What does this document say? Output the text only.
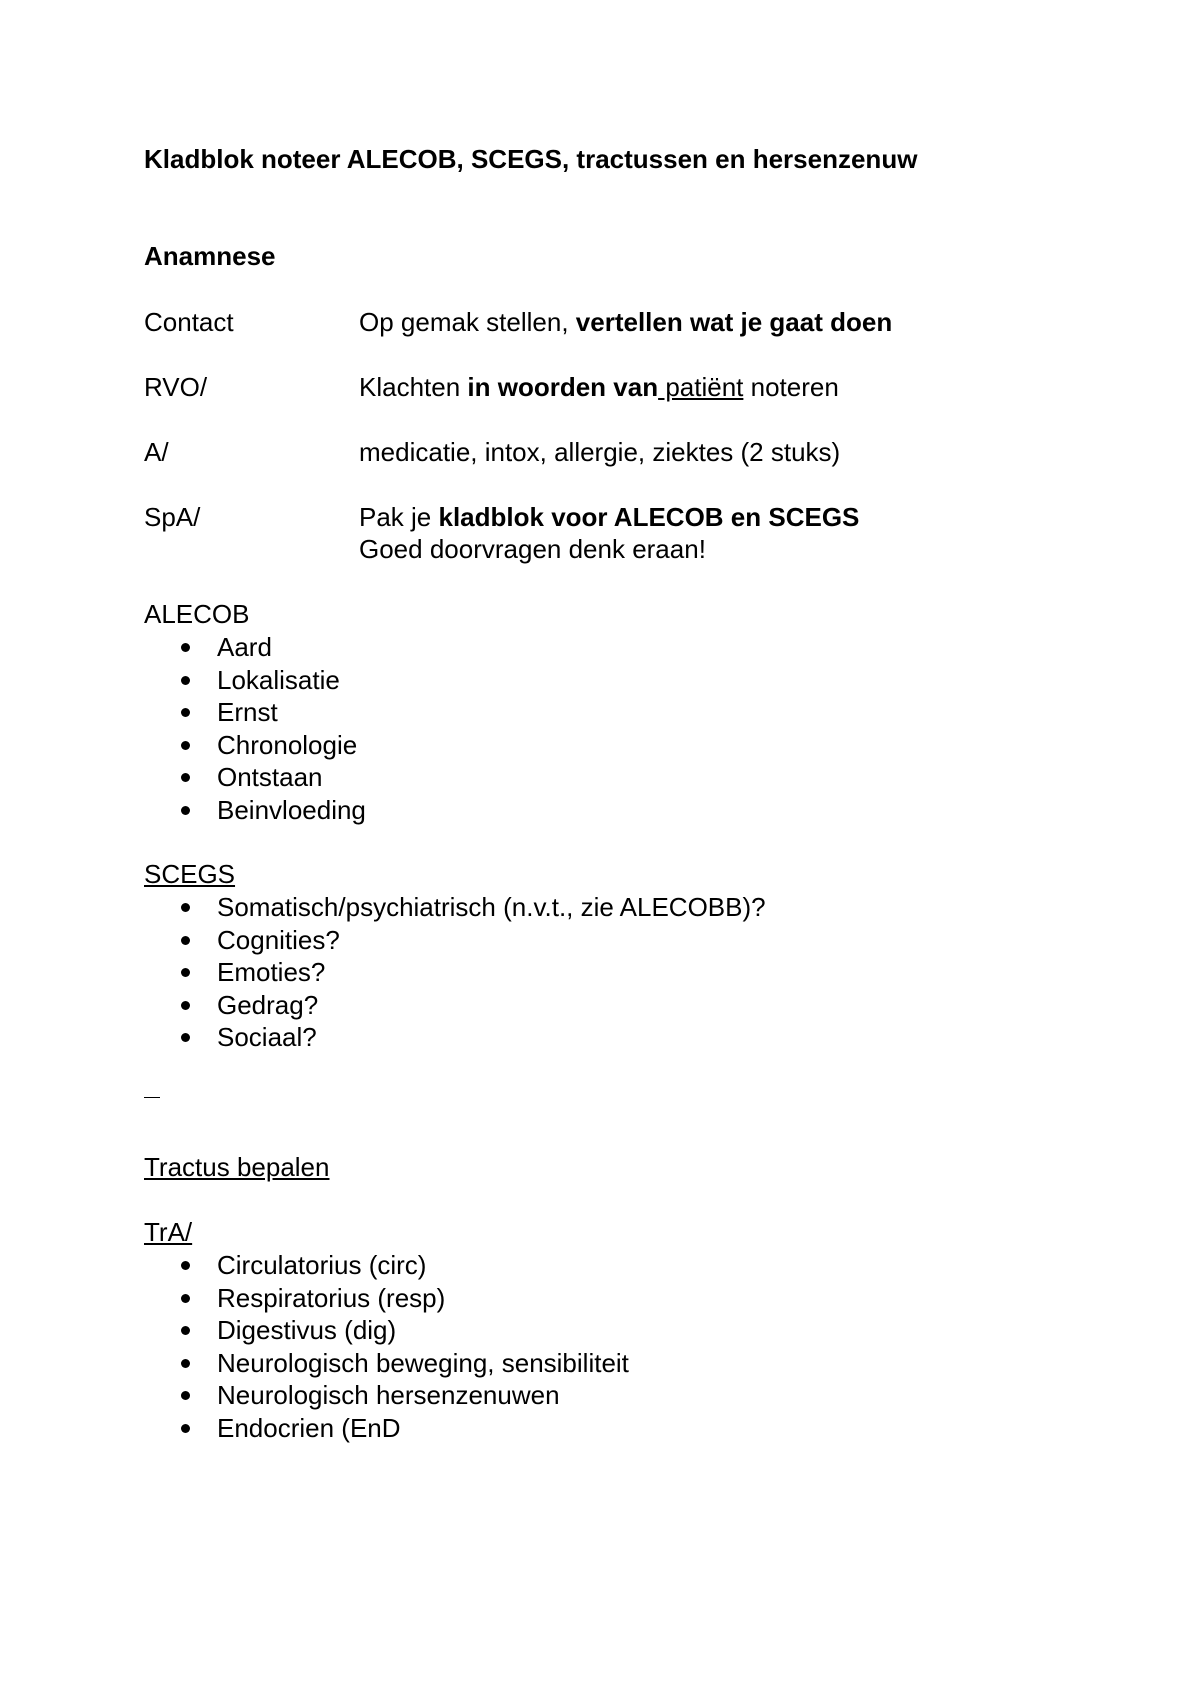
Kladblok noteer ALECOB, SCEGS, tractussen en hersenzenuw
Anamnese
Contact	Op gemak stellen, vertellen wat je gaat doen
RVO/	Klachten in woorden van patiënt noteren
A/	medicatie, intox, allergie, ziektes (2 stuks)
SpA/	Pak je kladblok voor ALECOB en SCEGS
Goed doorvragen denk eraan!
ALECOB
Aard
Lokalisatie
Ernst
Chronologie
Ontstaan
Beinvloeding
SCEGS
Somatisch/psychiatrisch (n.v.t., zie ALECOBB)?
Cognities?
Emoties?
Gedrag?
Sociaal?
Tractus bepalen
TrA/
Circulatorius (circ)
Respiratorius (resp)
Digestivus (dig)
Neurologisch beweging, sensibiliteit
Neurologisch hersenzenuwen
Endocrien (EnD
